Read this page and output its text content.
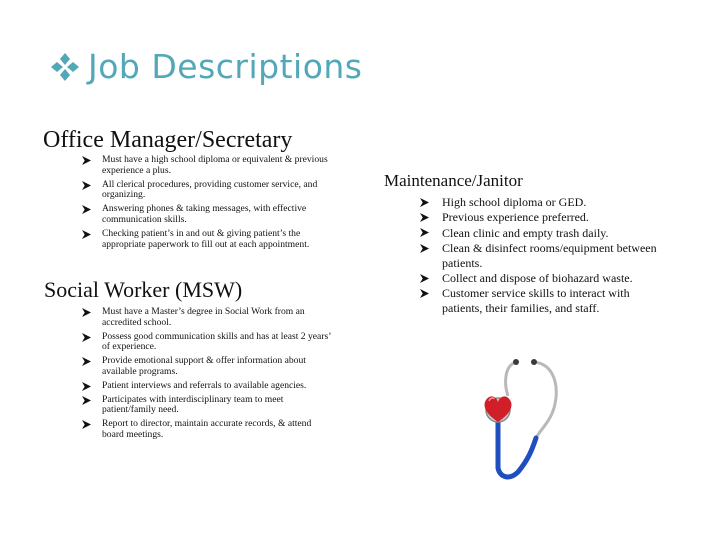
Job Descriptions
Office Manager/Secretary
Must have a high school diploma or equivalent & previous experience a plus.
All clerical procedures, providing customer service, and organizing.
Answering phones & taking messages, with effective communication skills.
Checking patient’s in and out & giving patient’s the appropriate paperwork to fill out at each appointment.
Social Worker (MSW)
Must have a Master’s degree in Social Work from an accredited school.
Possess good communication skills and has at least 2 years’ of experience.
Provide emotional support & offer information about available programs.
Patient interviews and referrals to available agencies.
Participates with interdisciplinary team to meet patient/family need.
Report to director, maintain accurate records, & attend board meetings.
Maintenance/Janitor
High school diploma or GED.
Previous experience preferred.
Clean clinic and empty trash daily.
Clean & disinfect rooms/equipment between patients.
Collect and dispose of biohazard waste.
Customer service skills to interact with patients, their families, and staff.
